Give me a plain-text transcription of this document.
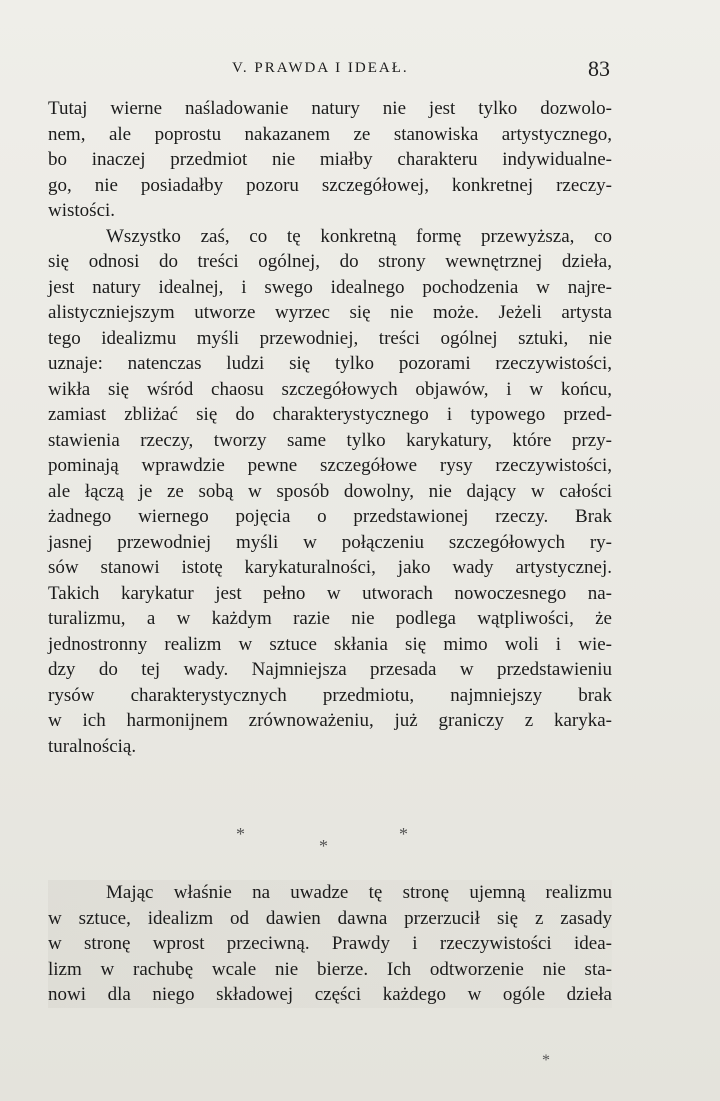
V. PRAWDA I IDEAŁ.	83
Tutaj wierne naśladowanie natury nie jest tylko dozwolo-
nem, ale poprostu nakazanem ze stanowiska artystycznego,
bo inaczej przedmiot nie miałby charakteru indywidualne-
go, nie posiadałby pozoru szczegółowej, konkretnej rzeczy-
wistości.
Wszystko zaś, co tę konkretną formę przewyższa, co
się odnosi do treści ogólnej, do strony wewnętrznej dzieła,
jest natury idealnej, i swego idealnego pochodzenia w najre-
alistyczniejszym utworze wyrzec się nie może. Jeżeli artysta
tego idealizmu myśli przewodniej, treści ogólnej sztuki, nie
uznaje: natenczas ludzi się tylko pozorami rzeczywistości,
wikła się wśród chaosu szczegółowych objawów, i w końcu,
zamiast zbliżać się do charakterystycznego i typowego przed-
stawienia rzeczy, tworzy same tylko karykatury, które przy-
pominają wprawdzie pewne szczegółowe rysy rzeczywistości,
ale łączą je ze sobą w sposób dowolny, nie dający w całości
żadnego wiernego pojęcia o przedstawionej rzeczy. Brak
jasnej przewodniej myśli w połączeniu szczegółowych ry-
sów stanowi istotę karykaturalności, jako wady artystycznej.
Takich karykatur jest pełno w utworach nowoczesnego na-
turalizmu, a w każdym razie nie podlega wątpliwości, że
jednostronny realizm w sztuce skłania się mimo woli i wie-
dzy do tej wady. Najmniejsza przesada w przedstawieniu
rysów charakterystycznych przedmiotu, najmniejszy brak
w ich harmonijnem zrównoważeniu, już graniczy z karyka-
turalnością.
*
*
*
Mając właśnie na uwadze tę stronę ujemną realizmu
w sztuce, idealizm od dawien dawna przerzucił się z zasady
w stronę wprost przeciwną. Prawdy i rzeczywistości idea-
lizm w rachubę wcale nie bierze. Ich odtworzenie nie sta-
nowi dla niego składowej części każdego w ogóle dzieła
*
